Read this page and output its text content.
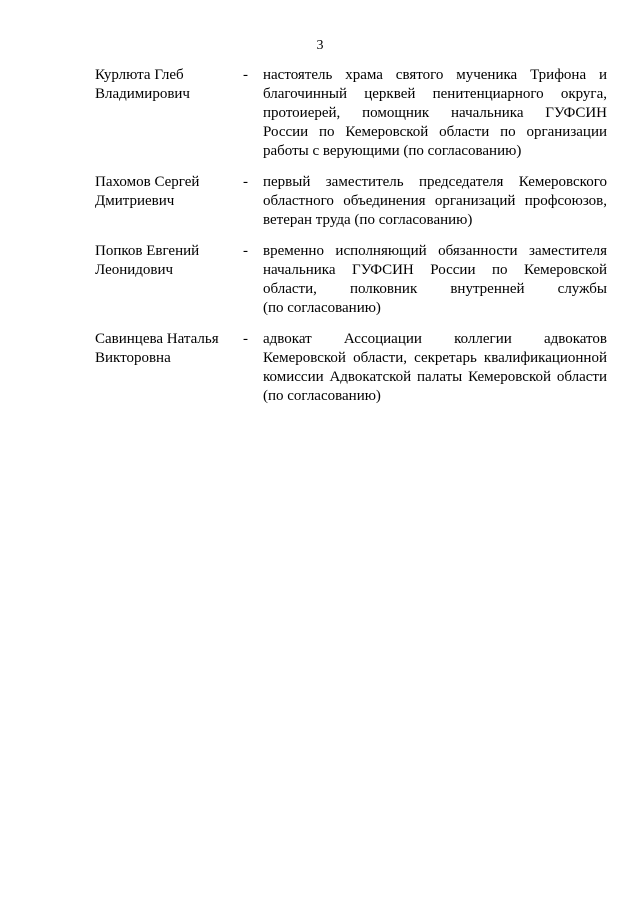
3
Курлюта Глеб
Владимирович
-	настоятель храма святого мученика Трифона и
благочинный церквей пенитенциарного округа,
протоиерей, помощник начальника ГУФСИН
России по Кемеровской области по организации
работы с верующими (по согласованию)
Пахомов Сергей
Дмитриевич
-	первый заместитель председателя Кемеровского
областного объединения организаций профсоюзов,
ветеран труда (по согласованию)
Попков Евгений
Леонидович
-	временно исполняющий обязанности заместителя
начальника ГУФСИН России по Кемеровской
области, полковник внутренней службы
(по согласованию)
Савинцева Наталья
Викторовна
-	адвокат Ассоциации коллегии адвокатов
Кемеровской области, секретарь квалификационной
комиссии Адвокатской палаты Кемеровской области
(по согласованию)
